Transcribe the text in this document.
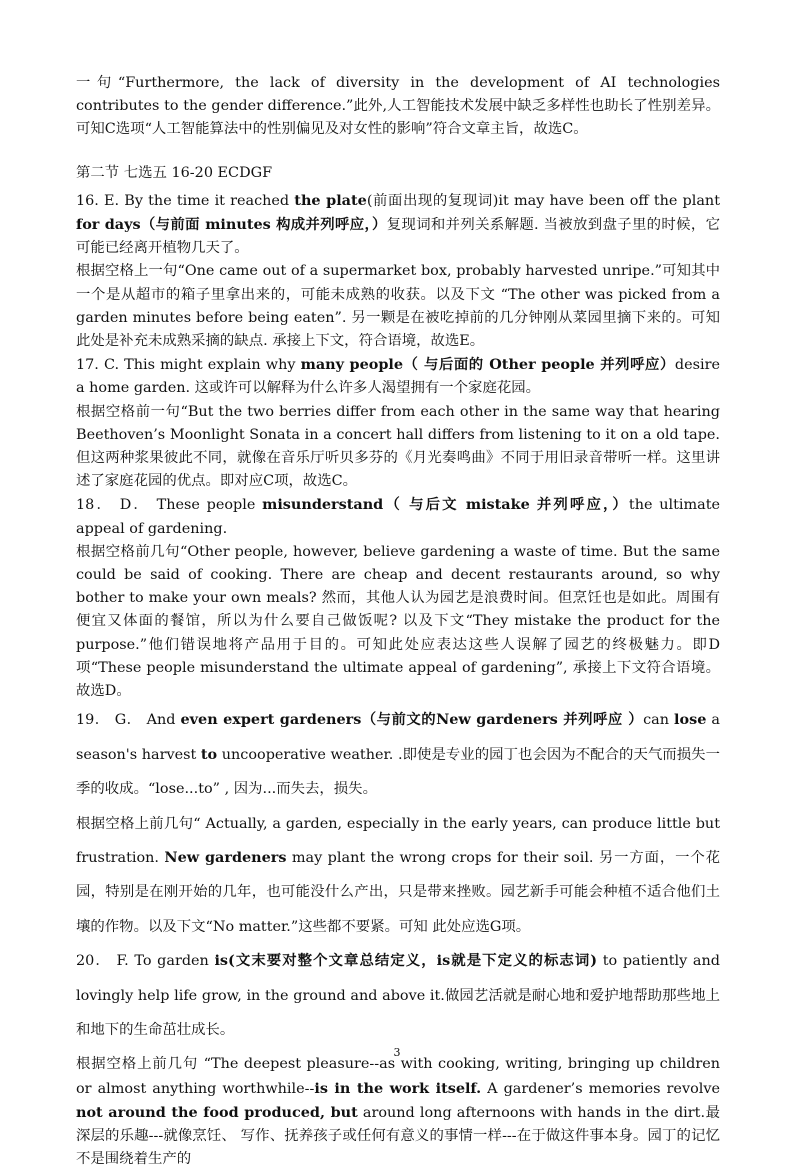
一句“Furthermore, the lack of diversity in the development of AI technologies contributes to the gender difference.”此外,人工智能技术发展中缺乏多样性也助长了性别差异。可知C选项“人工智能算法中的性别偏见及对女性的影响”符合文章主旨，故选C。

第二节 七选五 16-20 ECDGF

16. E. By the time it reached the plate(前面出现的复现词)it may have been off the plant for days（与前面 minutes 构成并列呼应，）复现词和并列关系解题. 当被放到盘子里的时候，它可能已经离开植物几天了。

根据空格上一句“One came out of a supermarket box, probably harvested unripe.”可知其中一个是从超市的箱子里拿出来的，可能未成熟的收获。以及下文 “The other was picked from a garden minutes before being eaten”. 另一颗是在被吃掉前的几分钟刚从菜园里摘下来的。可知此处是补充未成熟采摘的缺点. 承接上下文，符合语境，故选E。

17. C. This might explain why many people（ 与后面的 Other people 并列呼应）desire a home garden. 这或许可以解释为什么许多人渴望拥有一个家庭花园。

根据空格前一句“But the two berries differ from each other in the same way that hearing Beethoven’s Moonlight Sonata in a concert hall differs from listening to it on a old tape.但这两种浆果彼此不同，就像在音乐厅听贝多芬的《月光奏鸣曲》不同于用旧录音带听一样。这里讲述了家庭花园的优点。即对应C项，故选C。

18． D． These people misunderstand（ 与后文 mistake 并列呼应，）the ultimate appeal of gardening.

根据空格前几句“Other people, however, believe gardening a waste of time. But the same could be said of cooking. There are cheap and decent restaurants around, so why bother to make your own meals? 然而，其他人认为园艺是浪费时间。但烹饪也是如此。周围有便宜又体面的餐馆，所以为什么要自己做饭呢? 以及下文“They mistake the product for the purpose.”他们错误地将产品用于目的。可知此处应表达这些人误解了园艺的终极魅力。即D项“These people misunderstand the ultimate appeal of gardening”, 承接上下文符合语境。故选D。

19． G． And even expert gardeners（与前文的New gardeners 并列呼应 ）can lose a season's harvest to uncooperative weather. .即使是专业的园丁也会因为不配合的天气而损失一季的收成。“lose...to” , 因为...而失去，损失。

根据空格上前几句“ Actually, a garden, especially in the early years, can produce little but frustration. New gardeners may plant the wrong crops for their soil. 另一方面，一个花园，特别是在刚开始的几年，也可能没什么产出，只是带来挫败。园艺新手可能会种植不适合他们土壤的作物。以及下文“No matter.”这些都不要紧。可知 此处应选G项。

20． F. To garden is(文末要对整个文章总结定义，is就是下定义的标志词) to patiently and lovingly help life grow, in the ground and above it.做园艺活就是耐心地和爱护地帮助那些地上和地下的生命茁壮成长。

根据空格上前几句 “The deepest pleasure--as with cooking, writing, bringing up children or almost anything worthwhile--is in the work itself. A gardener’s memories revolve not around the food produced, but around long afternoons with hands in the dirt.最深层的乐趣---就像烹饪、 写作、抚养孩子或任何有意义的事情一样---在于做这件事本身。园丁的记忆不是围绕着生产的

3
